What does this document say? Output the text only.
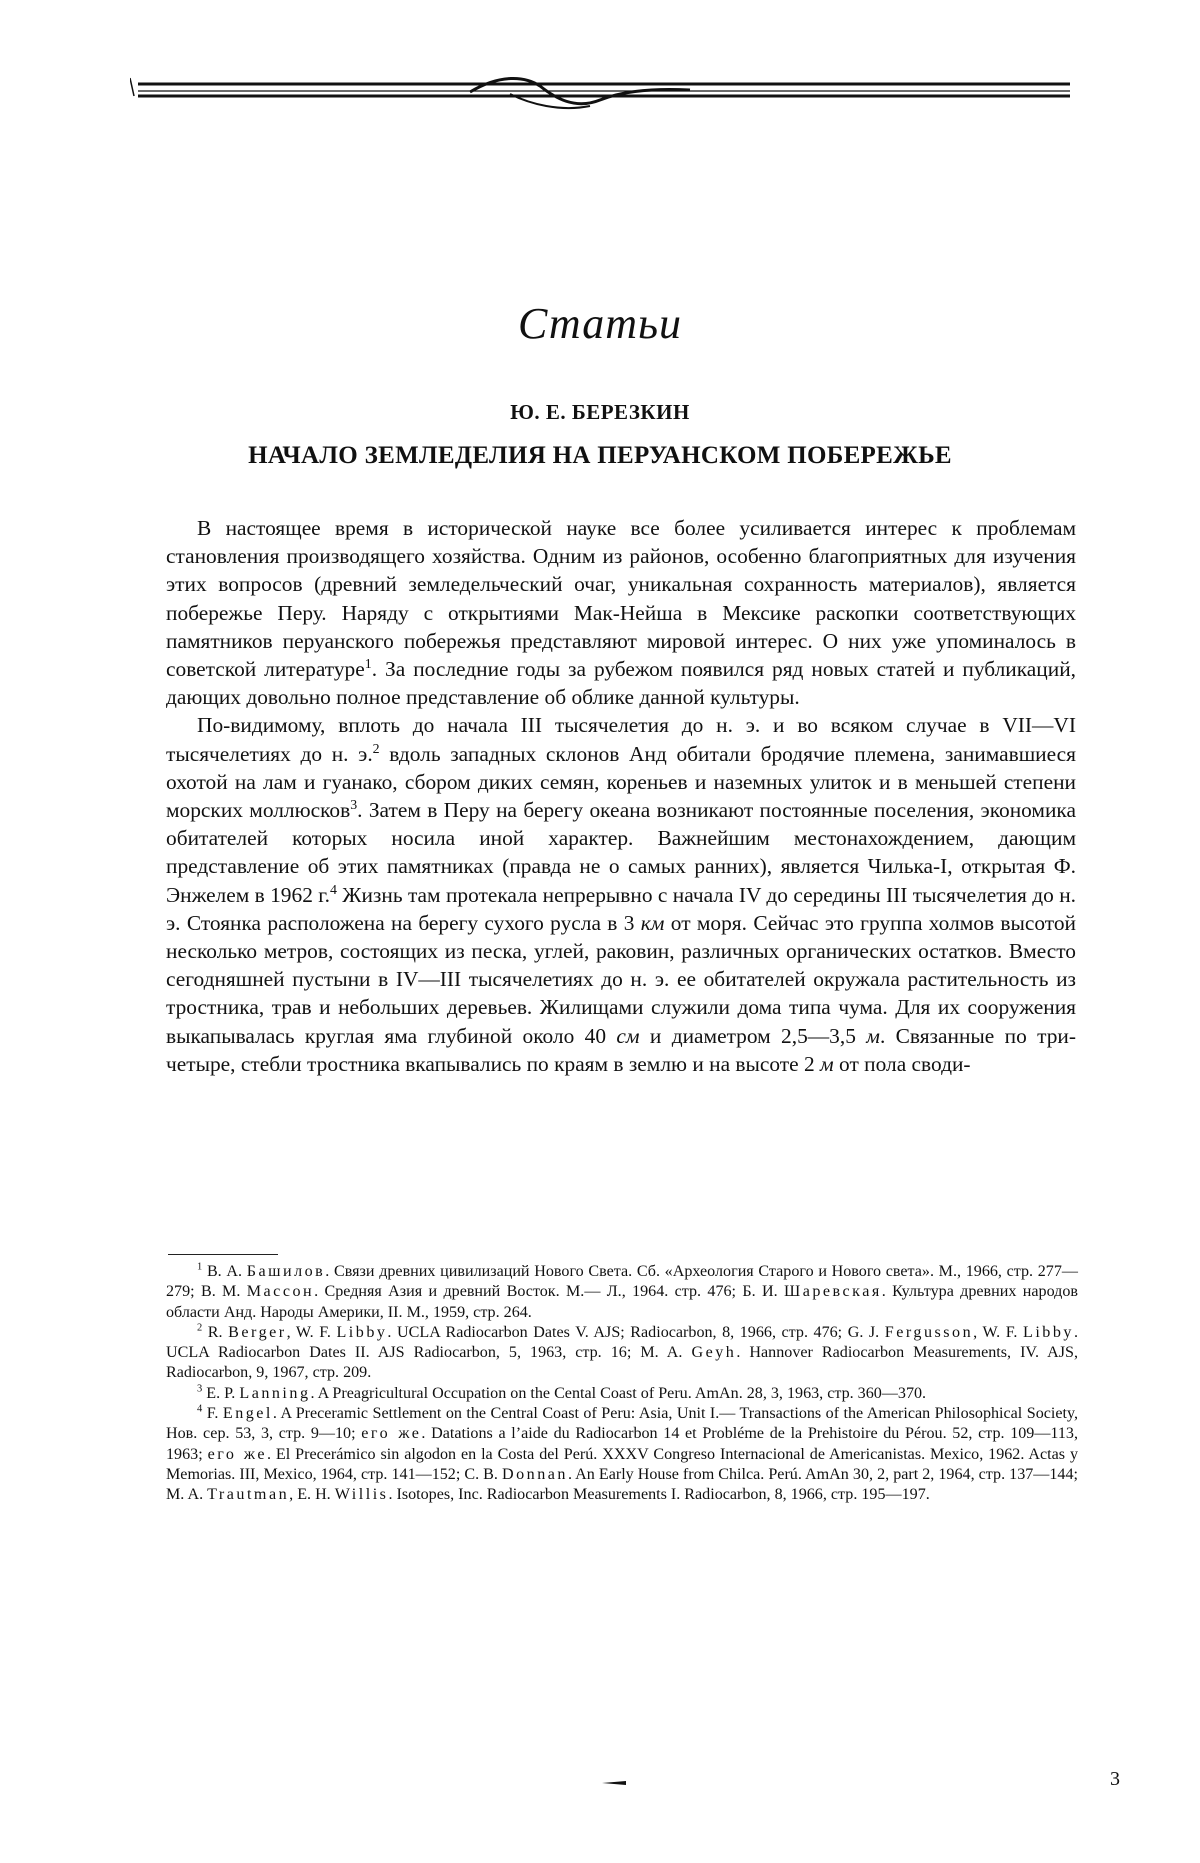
Статьи
Ю. Е. БЕРЕЗКИН
НАЧАЛО ЗЕМЛЕДЕЛИЯ НА ПЕРУАНСКОМ ПОБЕРЕЖЬЕ

В настоящее время в исторической науке все более усиливается интерес к проблемам становления производящего хозяйства. Одним из районов, особенно благоприятных для изучения этих вопросов (древний земледельческий очаг, уникальная сохранность материалов), является побережье Перу. Наряду с открытиями Мак-Нейша в Мексике раскопки соответствующих памятников перуанского побережья представляют мировой интерес. О них уже упоминалось в советской литературе$^1$. За последние годы за рубежом появился ряд новых статей и публикаций, дающих довольно полное представление об облике данной культуры.

По-видимому, вплоть до начала III тысячелетия до н. э. и во всяком случае в VII—VI тысячелетиях до н. э.$^2$ вдоль западных склонов Анд обитали бродячие племена, занимавшиеся охотой на лам и гуанако, сбором диких семян, кореньев и наземных улиток и в меньшей степени морских моллюсков$^3$. Затем в Перу на берегу океана возникают постоянные поселения, экономика обитателей которых носила иной характер. Важнейшим местонахождением, дающим представление об этих памятниках (правда не о самых ранних), является Чилька-I, открытая Ф. Энжелем в 1962 г.$^4$ Жизнь там протекала непрерывно с начала IV до середины III тысячелетия до н. э. Стоянка расположена на берегу сухого русла в 3 км от моря. Сейчас это группа холмов высотой несколько метров, состоящих из песка, углей, раковин, различных органических остатков. Вместо сегодняшней пустыни в IV—III тысячелетиях до н. э. ее обитателей окружала растительность из тростника, трав и небольших деревьев. Жилищами служили дома типа чума. Для их сооружения выкапывалась круглая яма глубиной около 40 см и диаметром 2,5—3,5 м. Связанные по три-четыре, стебли тростника вкапывались по краям в землю и на высоте 2 м от пола своди-

$^1$ В. А. Башилов. Связи древних цивилизаций Нового Света. Сб. «Археология Старого и Нового света». М., 1966, стр. 277—279; В. М. Массон. Средняя Азия и древний Восток. М.— Л., 1964. стр. 476; Б. И. Шаревская. Культура древних народов области Анд. Народы Америки, II. М., 1959, стр. 264.

$^2$ R. Berger, W. F. Libby. UCLA Radiocarbon Dates V. AJS; Radiocarbon, 8, 1966, стр. 476; G. J. Fergusson, W. F. Libby. UCLA Radiocarbon Dates II. AJS Radiocarbon, 5, 1963, стр. 16; M. A. Geyh. Hannover Radiocarbon Measurements, IV. AJS, Radiocarbon, 9, 1967, стр. 209.

$^3$ E. P. Lanning. A Preagricultural Occupation on the Cental Coast of Peru. AmAn. 28, 3, 1963, стр. 360—370.

$^4$ F. Engel. A Preceramic Settlement on the Central Coast of Peru: Asia, Unit I.— Transactions of the American Philosophical Society, Нов. сер. 53, 3, стр. 9—10; его же. Datations a l’aide du Radiocarbon 14 et Probléme de la Prehistoire du Pérou. 52, стр. 109—113, 1963; его же. El Precerámico sin algodon en la Costa del Perú. XXXV Congreso Internacional de Americanistas. Mexico, 1962. Actas y Memorias. III, Mexico, 1964, стр. 141—152; C. B. Donnan. An Early House from Chilca. Perú. AmAn 30, 2, part 2, 1964, стр. 137—144; M. A. Trautman, E. H. Willis. Isotopes, Inc. Radiocarbon Measurements I. Radiocarbon, 8, 1966, стр. 195—197.

3
